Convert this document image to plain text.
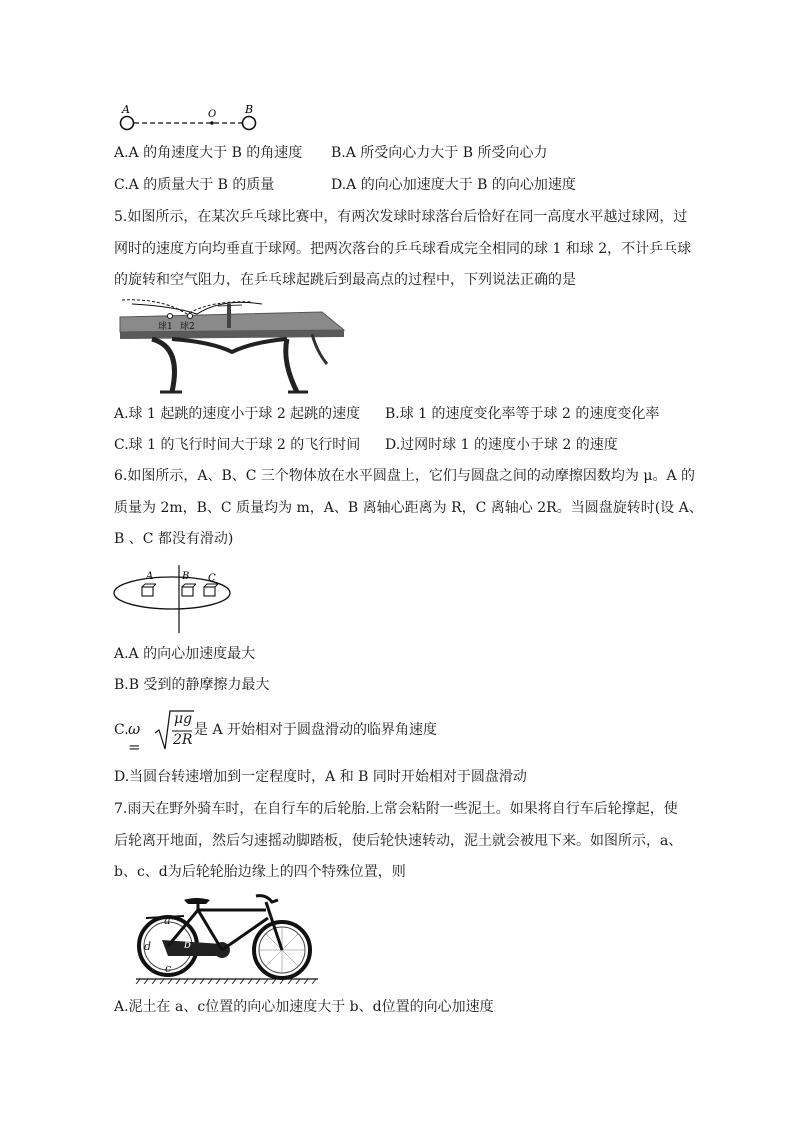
A	O	B
A.A 的角速度大于 B 的角速度 B.A 所受向心力大于 B 所受向心力
C.A 的质量大于 B 的质量	D.A 的向心加速度大于 B 的向心加速度
5.如图所示，在某次乒乓球比赛中，有两次发球时球落台后恰好在同一高度水平越过球网，过
网时的速度方向均垂直于球网。把两次落台的乒乓球看成完全相同的球 1 和球 2，不计乒乓球
的旋转和空气阻力，在乒乓球起跳后到最高点的过程中，下列说法正确的是
球1 球2
A.球 1 起跳的速度小于球 2 起跳的速度 B.球 1 的速度变化率等于球 2 的速度变化率
C.球 1 的飞行时间大于球 2 的飞行时间 D.过网时球 1 的速度小于球 2 的速度
6.如图所示，A、B、C 三个物体放在水平圆盘上，它们与圆盘之间的动摩擦因数均为 μ。A 的
质量为 2m，B、C 质量均为 m，A、B 离轴心距离为 R，C 离轴心 2R。当圆盘旋转时(设 A、
B 、C 都没有滑动)
A	B C
A.A 的向心加速度最大
B.B 受到的静摩擦力最大
C. ω =
μg
2R
是 A 开始相对于圆盘滑动的临界角速度
D.当圆台转速增加到一定程度时，A 和 B 同时开始相对于圆盘滑动
7.雨天在野外骑车时，在自行车的后轮胎.上常会粘附一些泥土。如果将自行车后轮撑起，使
后轮离开地面，然后匀速摇动脚踏板，使后轮快速转动，泥土就会被甩下来。如图所示，a、
b、c、d为后轮轮胎边缘上的四个特殊位置，则
a
b
c
d
A.泥土在 a、c位置的向心加速度大于 b、d位置的向心加速度
